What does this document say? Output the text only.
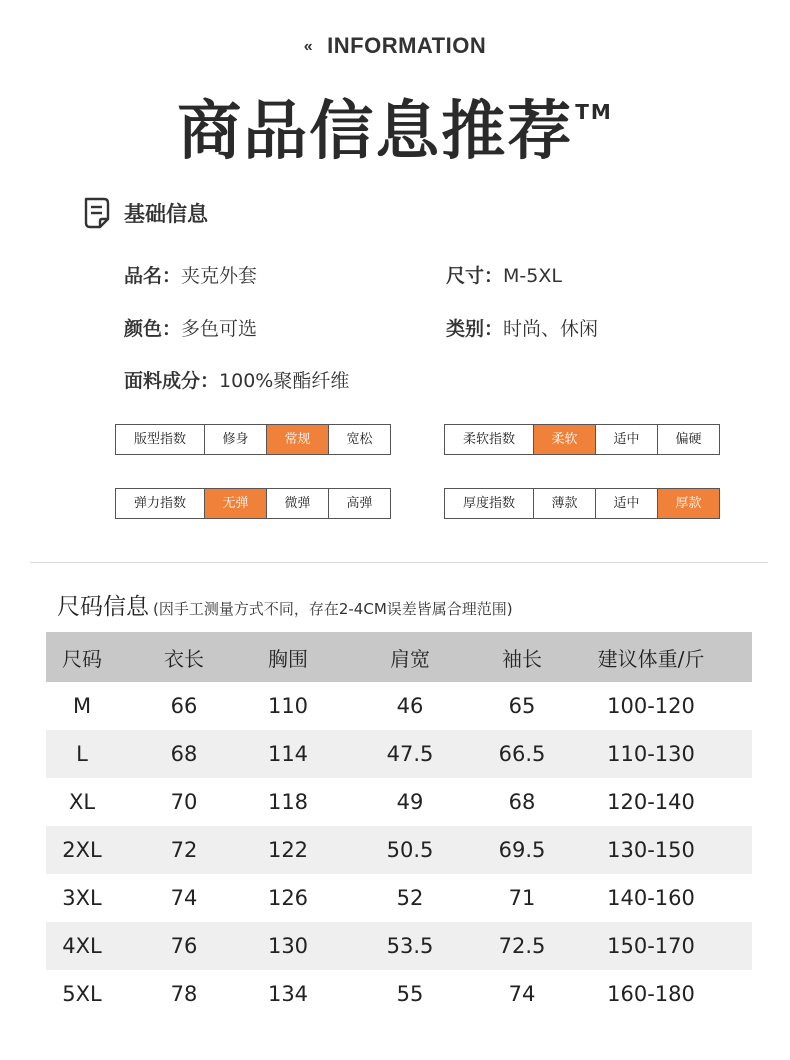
« INFORMATION
商品信息推荐 ™
基础信息
品名：夹克外套	尺寸：M-5XL
颜色：多色可选	类别：时尚、休闲
面料成分：100%聚酯纤维
版型指数	修身	常规	宽松	柔软指数	柔软	适中	偏硬
弹力指数	无弹	微弹	高弹	厚度指数	薄款	适中	厚款
尺码信息 (因手工测量方式不同，存在2-4CM误差皆属合理范围)
尺码	衣长	胸围	肩宽	袖长	建议体重/斤
M	66	110	46	65	100-120
L	68	114	47.5	66.5	110-130
XL	70	118	49	68	120-140
2XL	72	122	50.5	69.5	130-150
3XL	74	126	52	71	140-160
4XL	76	130	53.5	72.5	150-170
5XL	78	134	55	74	160-180
